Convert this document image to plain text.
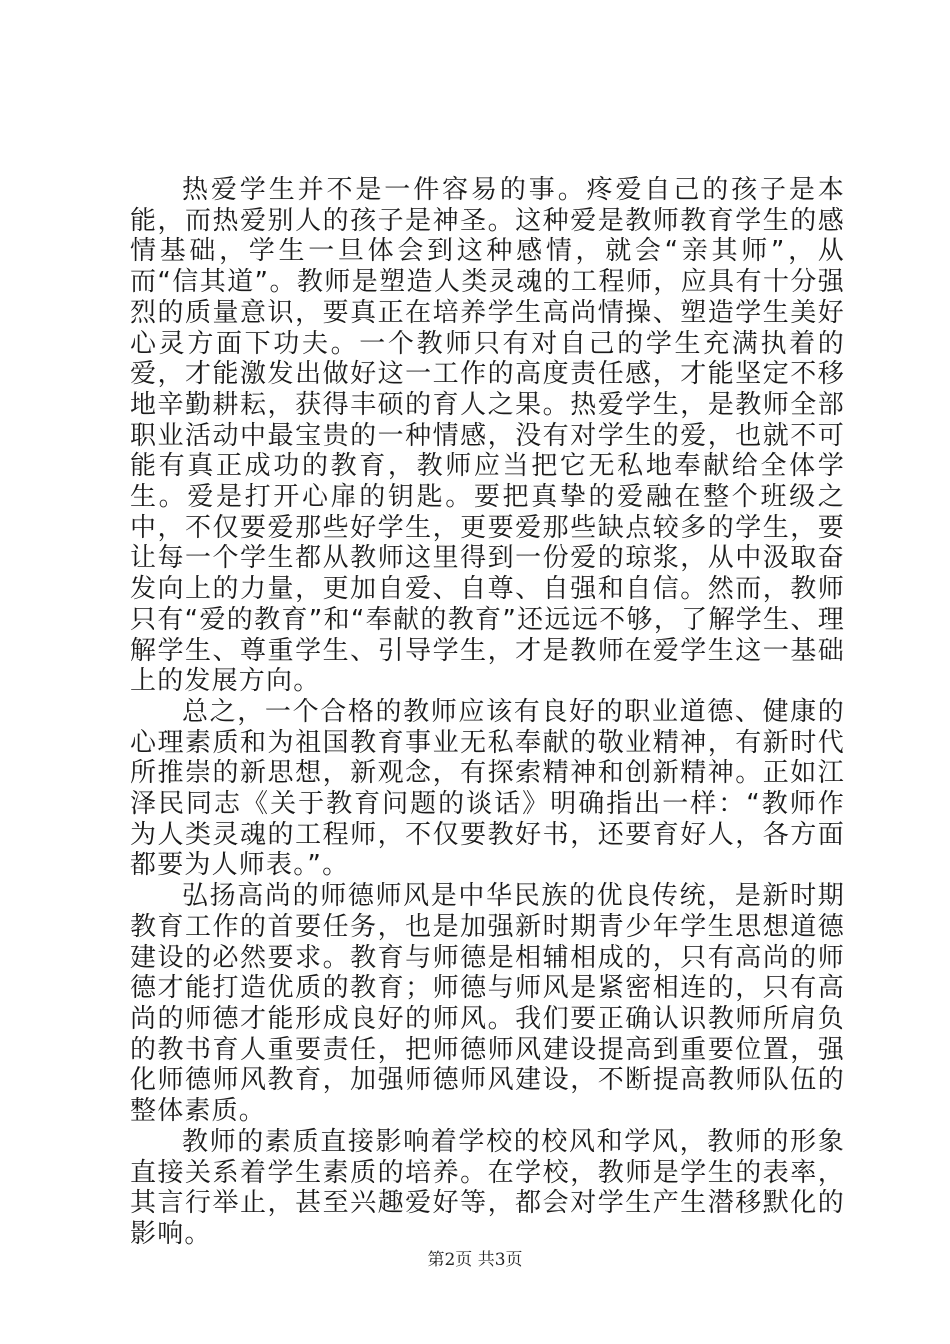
热爱学生并不是一件容易的事。疼爱自己的孩子是本能，而热爱别人的孩子是神圣。这种爱是教师教育学生的感情基础，学生一旦体会到这种感情，就会“亲其师”，从而“信其道”。教师是塑造人类灵魂的工程师，应具有十分强烈的质量意识，要真正在培养学生高尚情操、塑造学生美好心灵方面下功夫。一个教师只有对自己的学生充满执着的爱，才能激发出做好这一工作的高度责任感，才能坚定不移地辛勤耕耘，获得丰硕的育人之果。热爱学生，是教师全部职业活动中最宝贵的一种情感，没有对学生的爱，也就不可能有真正成功的教育，教师应当把它无私地奉献给全体学生。爱是打开心扉的钥匙。要把真挚的爱融在整个班级之中，不仅要爱那些好学生，更要爱那些缺点较多的学生，要让每一个学生都从教师这里得到一份爱的琼浆，从中汲取奋发向上的力量，更加自爱、自尊、自强和自信。然而，教师只有“爱的教育”和“奉献的教育”还远远不够，了解学生、理解学生、尊重学生、引导学生，才是教师在爱学生这一基础上的发展方向。

总之，一个合格的教师应该有良好的职业道德、健康的心理素质和为祖国教育事业无私奉献的敬业精神，有新时代所推崇的新思想，新观念，有探索精神和创新精神。正如江泽民同志《关于教育问题的谈话》明确指出一样：“教师作为人类灵魂的工程师，不仅要教好书，还要育好人，各方面都要为人师表。”。

弘扬高尚的师德师风是中华民族的优良传统，是新时期教育工作的首要任务，也是加强新时期青少年学生思想道德建设的必然要求。教育与师德是相辅相成的，只有高尚的师德才能打造优质的教育；师德与师风是紧密相连的，只有高尚的师德才能形成良好的师风。我们要正确认识教师所肩负的教书育人重要责任，把师德师风建设提高到重要位置，强化师德师风教育，加强师德师风建设，不断提高教师队伍的整体素质。

教师的素质直接影响着学校的校风和学风，教师的形象直接关系着学生素质的培养。在学校，教师是学生的表率，其言行举止，甚至兴趣爱好等，都会对学生产生潜移默化的影响。

第2页 共3页
